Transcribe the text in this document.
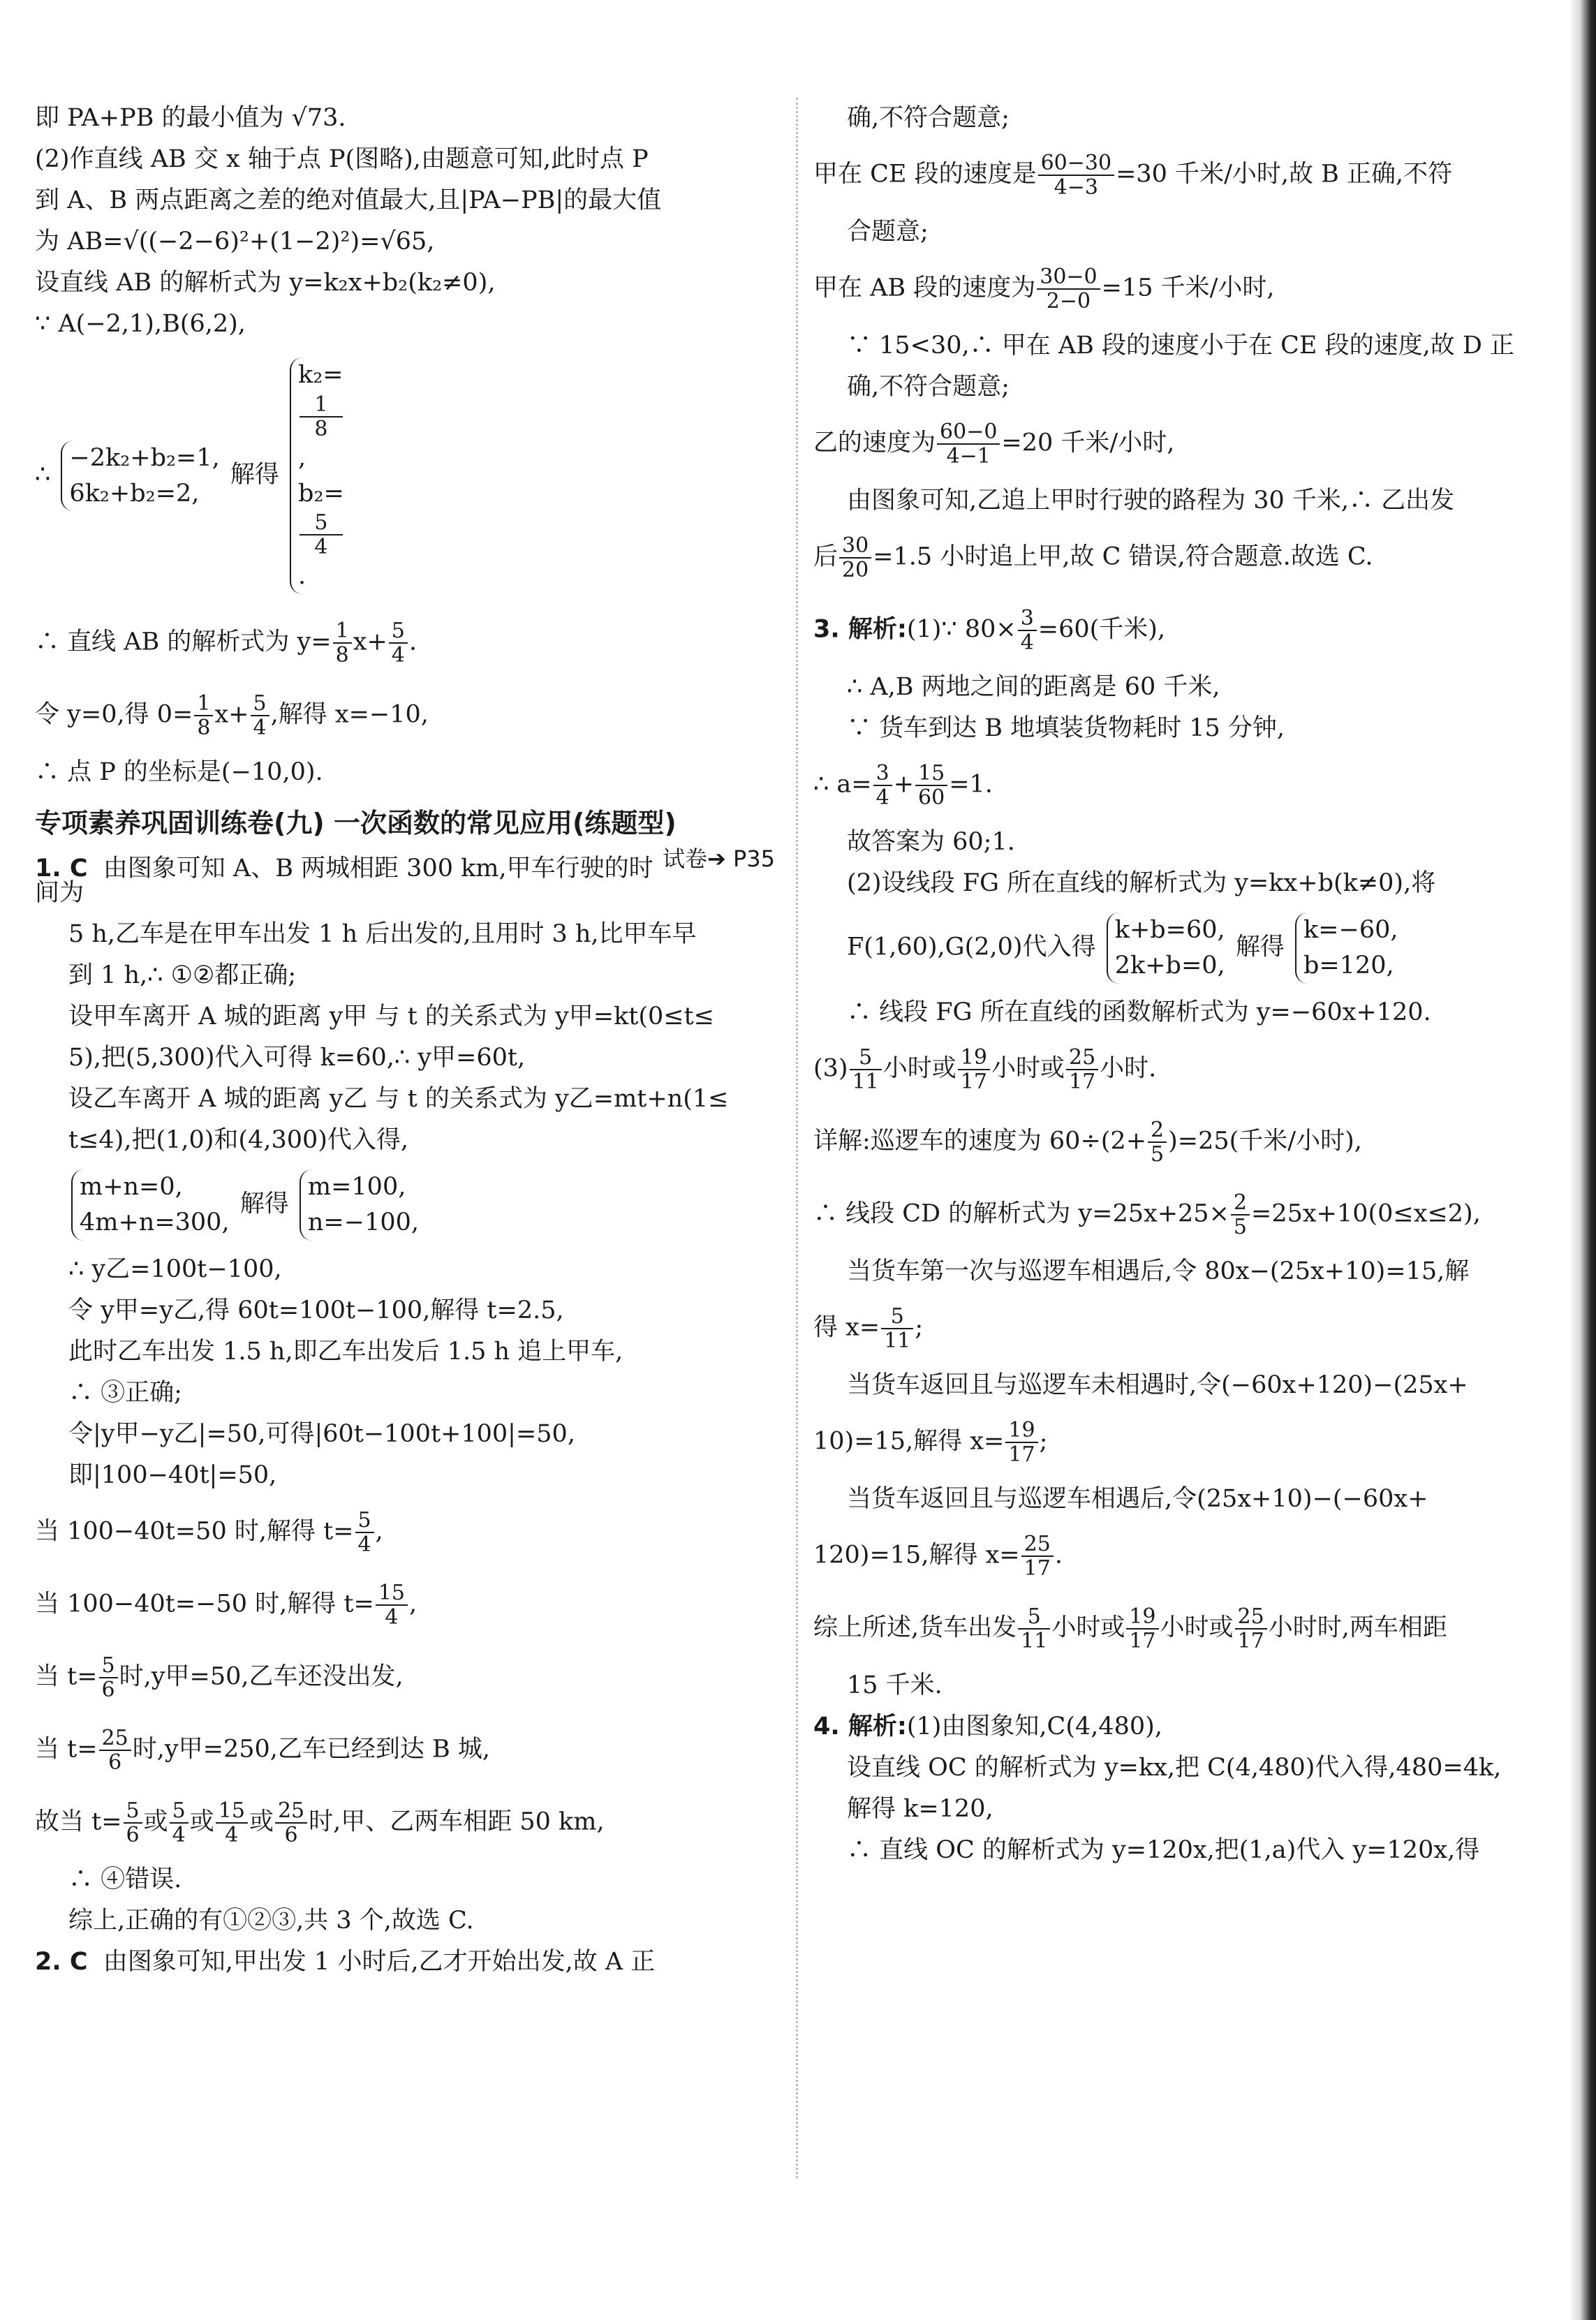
即 PA+PB 的最小值为 √73.

(2)作直线 AB 交 x 轴于点 P(图略),由题意可知,此时点 P

到 A、B 两点距离之差的绝对值最大,且|PA−PB|的最大值

为 AB=√((−2−6)²+(1−2)²)=√65,

设直线 AB 的解析式为 y=k₂x+b₂(k₂≠0),

∵ A(−2,1),B(6,2),

∴
−2k₂+b₂=1,
6k₂+b₂=2,
解得
k₂=
1
8
,
b₂=
5
4
.

∴ 直线 AB 的解析式为 $y= \frac{1}{8} x+ \frac{5}{4}$ .

令 y=0,得 $0= \frac{1}{8} x+ \frac{5}{4}$ ,解得 x=−10,

∴ 点 P 的坐标是(−10,0).

专项素养巩固训练卷(九) 一次函数的常见应用(练题型)
试卷➔ P35

1. C 由图象可知 A、B 两城相距 300 km,甲车行驶的时间为

5 h,乙车是在甲车出发 1 h 后出发的,且用时 3 h,比甲车早

到 1 h,∴ ①②都正确;

设甲车离开 A 城的距离 y甲 与 t 的关系式为 y甲=kt(0≤t≤

5),把(5,300)代入可得 k=60,∴ y甲=60t,

设乙车离开 A 城的距离 y乙 与 t 的关系式为 y乙=mt+n(1≤

t≤4),把(1,0)和(4,300)代入得,

m+n=0,
4m+n=300,
解得
m=100,
n=−100,

∴ y乙=100t−100,

令 y甲=y乙,得 60t=100t−100,解得 t=2.5,

此时乙车出发 1.5 h,即乙车出发后 1.5 h 追上甲车,

∴ ③正确;

令|y甲−y乙|=50,可得|60t−100t+100|=50,

即|100−40t|=50,

当 100−40t=50 时,解得 $t= \frac{5}{4}$ ,

当 100−40t=−50 时,解得 $t= \frac{15}{4}$ ,

当 $t= \frac{5}{6}$ 时,y甲=50,乙车还没出发,

当 $t= \frac{25}{6}$ 时,y甲=250,乙车已经到达 B 城,

故当 $t= \frac{5}{6}$ 或 $\frac{5}{4}$ 或 $\frac{15}{4}$ 或 $\frac{25}{6}$ 时,甲、乙两车相距 50 km,

∴ ④错误.

综上,正确的有①②③,共 3 个,故选 C.

2. C 由图象可知,甲出发 1 小时后,乙才开始出发,故 A 正

确,不符合题意;

甲在 CE 段的速度是 $\frac{60-30}{4-3} =30$ 千米/小时,故 B 正确,不符

合题意;

甲在 AB 段的速度为 $\frac{30-0}{2-0} =15$ 千米/小时,

∵ 15<30,∴ 甲在 AB 段的速度小于在 CE 段的速度,故 D 正

确,不符合题意;

乙的速度为 $\frac{60-0}{4-1} =20$ 千米/小时,

由图象可知,乙追上甲时行驶的路程为 30 千米,∴ 乙出发

后 $\frac{30}{20} =1.5$ 小时追上甲,故 C 错误,符合题意.故选 C.

3. 解析:(1)∵ $80\times \frac{3}{4} =60$(千米),

∴ A,B 两地之间的距离是 60 千米,

∵ 货车到达 B 地填装货物耗时 15 分钟,

∴ $a= \frac{3}{4} + \frac{15}{60} =1$.

故答案为 60;1.

(2)设线段 FG 所在直线的解析式为 y=kx+b(k≠0),将

F(1,60),G(2,0)代入得
k+b=60,
2k+b=0,
解得
k=−60,
b=120,

∴ 线段 FG 所在直线的函数解析式为 y=−60x+120.

$(3) \frac{5}{11}$ 小时或 $\frac{19}{17}$ 小时或 $\frac{25}{17}$ 小时.

详解:巡逻车的速度为 $60\div(2+ \frac{2}{5} )=25$(千米/小时),

∴ 线段 CD 的解析式为 $y=25x+25\times \frac{2}{5} =25x+10(0\le x\le 2)$,

当货车第一次与巡逻车相遇后,令 80x−(25x+10)=15,解

得 $x= \frac{5}{11}$ ;

当货车返回且与巡逻车未相遇时,令(−60x+120)−(25x+

10)=15,解得 $x= \frac{19}{17}$ ;

当货车返回且与巡逻车相遇后,令(25x+10)−(−60x+

120)=15,解得 $x= \frac{25}{17}$ .

综上所述,货车出发 $\frac{5}{11}$ 小时或 $\frac{19}{17}$ 小时或 $\frac{25}{17}$ 小时时,两车相距

15 千米.

4. 解析:(1)由图象知,C(4,480),

设直线 OC 的解析式为 y=kx,把 C(4,480)代入得,480=4k,

解得 k=120,

∴ 直线 OC 的解析式为 y=120x,把(1,a)代入 y=120x,得
